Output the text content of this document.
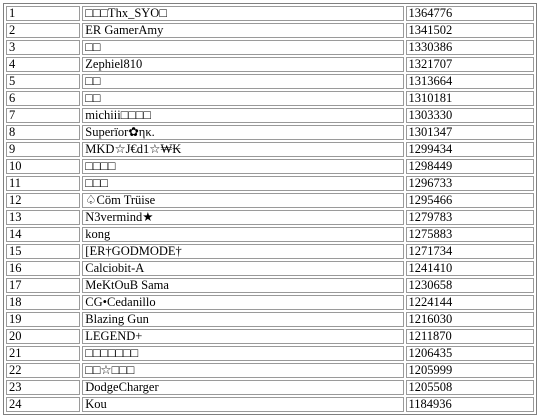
1	□□□Thx_SYO□	1364776
2	ER GamerAmy	1341502
3	□□	1330386
4	Zephiel810	1321707
5	□□	1313664
6	□□	1310181
7	michiii□□□□	1303330
8	Superïor✿ηκ.	1301347
9	MKD☆J€d1☆₩₭	1299434
10	□□□□	1298449
11	□□□	1296733
12	♤Cöm Trüise	1295466
13	N3vermind★	1279783
14	kong	1275883
15	[ER†GODMODE†	1271734
16	Calciobit-A	1241410
17	MeKtOuB Sama	1230658
18	CG•Cedanillo	1224144
19	Blazing Gun	1216030
20	LEGEND+	1211870
21	□□□□□□□	1206435
22	□□☆□□□	1205999
23	DodgeCharger	1205508
24	Kou	1184936
